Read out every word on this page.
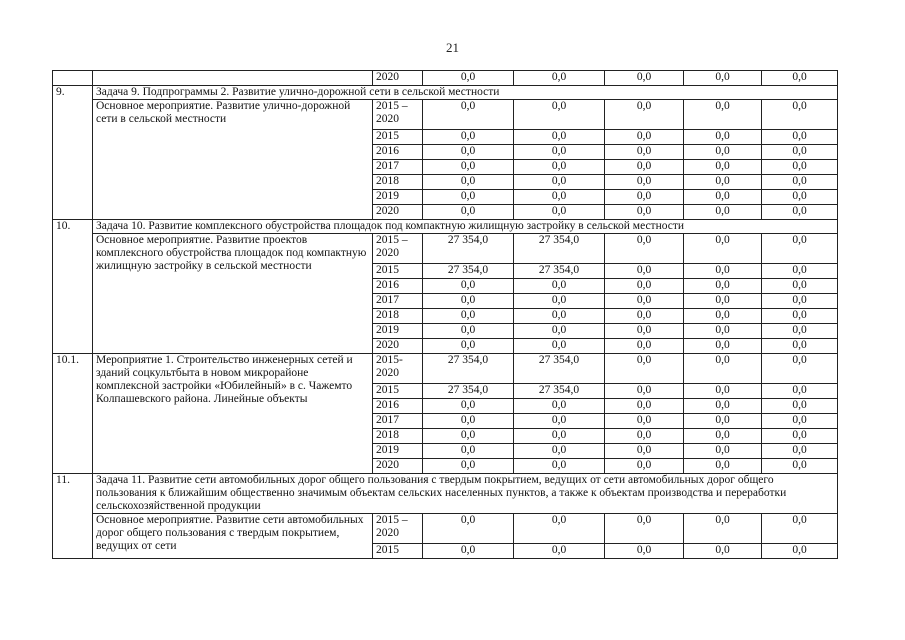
21
		2020	0,0	0,0	0,0	0,0	0,0
9.	Задача 9. Подпрограммы 2. Развитие улично-дорожной сети в сельской местности						
	Основное мероприятие. Развитие улично-дорожной сети в сельской местности	2015 – 2020	0,0	0,0	0,0	0,0	0,0
		2015	0,0	0,0	0,0	0,0	0,0
		2016	0,0	0,0	0,0	0,0	0,0
		2017	0,0	0,0	0,0	0,0	0,0
		2018	0,0	0,0	0,0	0,0	0,0
		2019	0,0	0,0	0,0	0,0	0,0
		2020	0,0	0,0	0,0	0,0	0,0
10.	Задача 10. Развитие комплексного обустройства площадок под компактную жилищную застройку в сельской местности						
	Основное мероприятие. Развитие проектов комплексного обустройства площадок под компактную жилищную застройку в сельской местности	2015 – 2020	27 354,0	27 354,0	0,0	0,0	0,0
		2015	27 354,0	27 354,0	0,0	0,0	0,0
		2016	0,0	0,0	0,0	0,0	0,0
		2017	0,0	0,0	0,0	0,0	0,0
		2018	0,0	0,0	0,0	0,0	0,0
		2019	0,0	0,0	0,0	0,0	0,0
		2020	0,0	0,0	0,0	0,0	0,0
10.1.	Мероприятие 1. Строительство инженерных сетей и зданий соцкультбыта в новом микрорайоне комплексной застройки «Юбилейный» в с. Чажемто Колпашевского района. Линейные объекты	2015- 2020	27 354,0	27 354,0	0,0	0,0	0,0
		2015	27 354,0	27 354,0	0,0	0,0	0,0
		2016	0,0	0,0	0,0	0,0	0,0
		2017	0,0	0,0	0,0	0,0	0,0
		2018	0,0	0,0	0,0	0,0	0,0
		2019	0,0	0,0	0,0	0,0	0,0
		2020	0,0	0,0	0,0	0,0	0,0
11.	Задача 11. Развитие сети автомобильных дорог общего пользования с твердым покрытием, ведущих от сети автомобильных дорог общего пользования к ближайшим общественно значимым объектам сельских населенных пунктов, а также к объектам производства и переработки сельскохозяйственной продукции						
	Основное мероприятие. Развитие сети автомобильных дорог общего пользования с твердым покрытием, ведущих от сети	2015 – 2020	0,0	0,0	0,0	0,0	0,0
		2015	0,0	0,0	0,0	0,0	0,0
